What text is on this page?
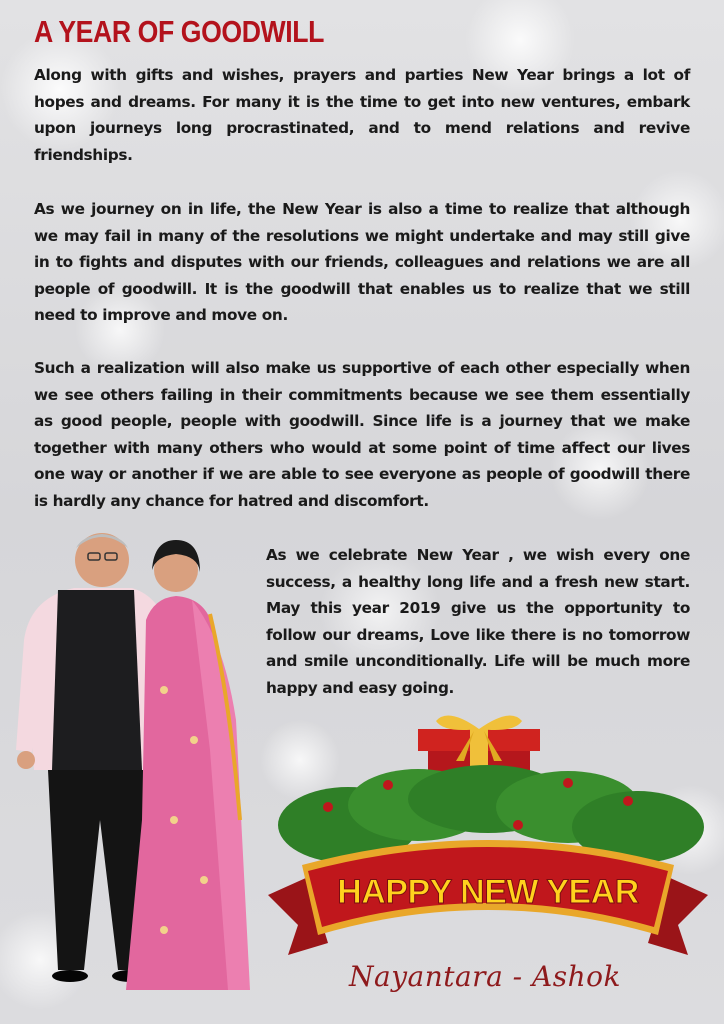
A YEAR OF GOODWILL

Along with gifts and wishes, prayers and parties New Year brings a lot of hopes and dreams. For many it is the time to get into new ventures, embark upon journeys long procrastinated, and to mend relations and revive friendships.

As we journey on in life, the New Year is also a time to realize that although we may fail in many of the resolutions we might undertake and may still give in to fights and disputes with our friends, colleagues and relations we are all people of goodwill. It is the goodwill that enables us to realize that we still need to improve and move on.

Such a realization will also make us supportive of each other especially when we see others failing in their commitments because we see them essentially as good people, people with goodwill. Since life is a journey that we make together with many others who would at some point of time affect our lives one way or another if we are able to see everyone as people of goodwill there is hardly any chance for hatred and discomfort.

As we celebrate New Year , we wish every one success, a healthy long life and a fresh new start. May this year 2019 give us the opportunity to follow our dreams, Love like there is no tomorrow and smile unconditionally. Life will be much more happy and easy going.

HAPPY NEW YEAR
Nayantara - Ashok
